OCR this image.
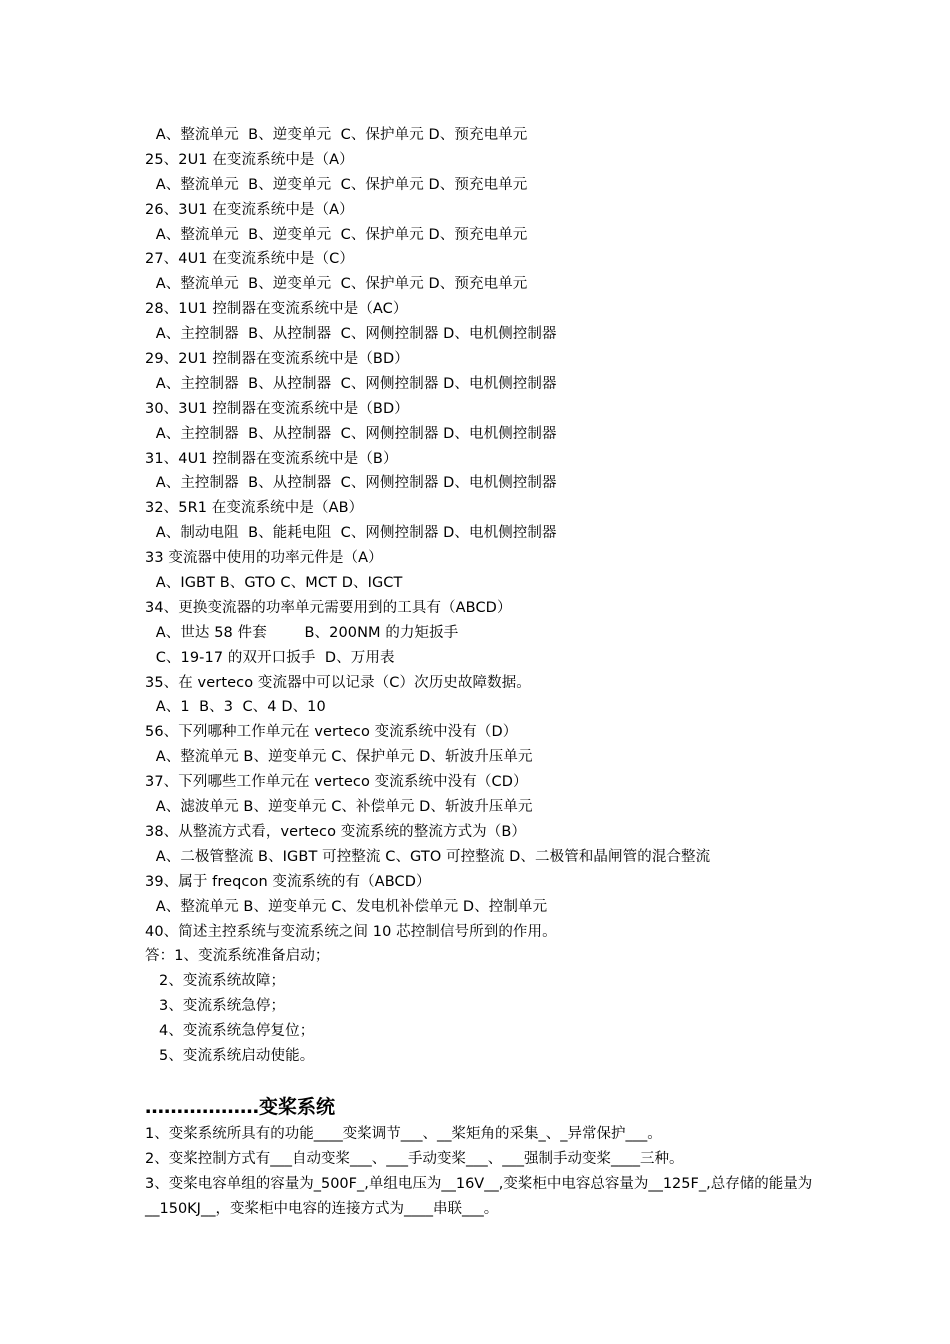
A、整流单元  B、逆变单元  C、保护单元 D、预充电单元
25、2U1 在变流系统中是（A）
A、整流单元  B、逆变单元  C、保护单元 D、预充电单元
26、3U1 在变流系统中是（A）
A、整流单元  B、逆变单元  C、保护单元 D、预充电单元
27、4U1 在变流系统中是（C）
A、整流单元  B、逆变单元  C、保护单元 D、预充电单元
28、1U1 控制器在变流系统中是（AC）
A、主控制器  B、从控制器  C、网侧控制器 D、电机侧控制器
29、2U1 控制器在变流系统中是（BD）
A、主控制器  B、从控制器  C、网侧控制器 D、电机侧控制器
30、3U1 控制器在变流系统中是（BD）
A、主控制器  B、从控制器  C、网侧控制器 D、电机侧控制器
31、4U1 控制器在变流系统中是（B）
A、主控制器  B、从控制器  C、网侧控制器 D、电机侧控制器
32、5R1 在变流系统中是（AB）
A、制动电阻  B、能耗电阻  C、网侧控制器 D、电机侧控制器
33 变流器中使用的功率元件是（A）
A、IGBT B、GTO C、MCT D、IGCT
34、更换变流器的功率单元需要用到的工具有（ABCD）
A、世达 58 件套        B、200NM 的力矩扳手
C、19-17 的双开口扳手  D、万用表
35、在 verteco 变流器中可以记录（C）次历史故障数据。
A、1  B、3  C、4 D、10
56、下列哪种工作单元在 verteco 变流系统中没有（D）
A、整流单元 B、逆变单元 C、保护单元 D、斩波升压单元
37、下列哪些工作单元在 verteco 变流系统中没有（CD）
A、滤波单元 B、逆变单元 C、补偿单元 D、斩波升压单元
38、从整流方式看，verteco 变流系统的整流方式为（B）
A、二极管整流 B、IGBT 可控整流 C、GTO 可控整流 D、二极管和晶闸管的混合整流
39、属于 freqcon 变流系统的有（ABCD）
A、整流单元 B、逆变单元 C、发电机补偿单元 D、控制单元
40、简述主控系统与变流系统之间 10 芯控制信号所到的作用。
答：1、变流系统准备启动；
2、变流系统故障；
3、变流系统急停；
4、变流系统急停复位；
5、变流系统启动使能。
………………变桨系统
1、变桨系统所具有的功能____变桨调节___、__桨矩角的采集_、_异常保护___。
2、变桨控制方式有___自动变桨___、___手动变桨___、___强制手动变桨____三种。
3、变桨电容单组的容量为_500F_,单组电压为__16V__,变桨柜中电容总容量为__125F_,总存储的能量为__150KJ__，变桨柜中电容的连接方式为____串联___。
